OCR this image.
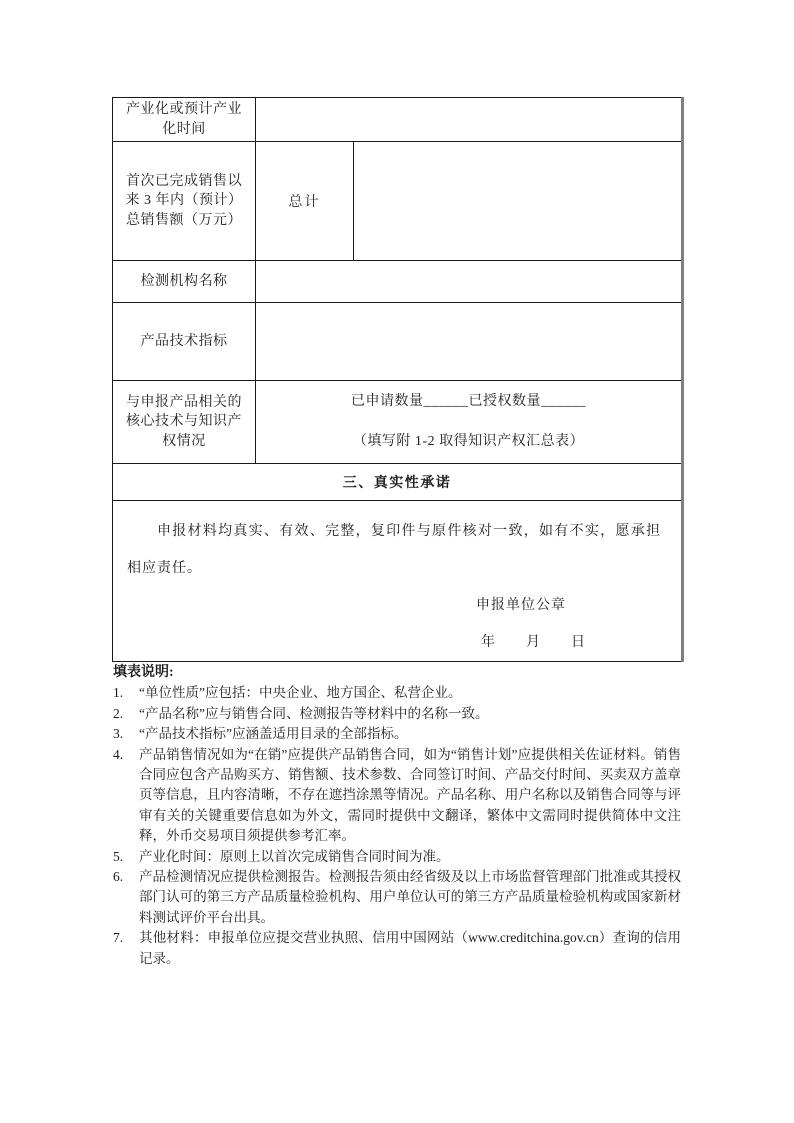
产业化或预计产业化时间		
首次已完成销售以来 3 年内（预计）总销售额（万元）	总计	
检测机构名称		
产品技术指标		
与申报产品相关的核心技术与知识产权情况	已申请数量______已授权数量______
（填写附 1-2 取得知识产权汇总表）	

三、真实性承诺		

申报材料均真实、有效、完整，复印件与原件核对一致，如有不实，愿承担相应责任。
申报单位公章
年　　月　　日		
填表说明:
1.	“单位性质”应包括：中央企业、地方国企、私营企业。
2.	“产品名称”应与销售合同、检测报告等材料中的名称一致。
3.	“产品技术指标”应涵盖适用目录的全部指标。
4.	产品销售情况如为“在销”应提供产品销售合同，如为“销售计划”应提供相关佐证材料。销售合同应包含产品购买方、销售额、技术参数、合同签订时间、产品交付时间、买卖双方盖章页等信息，且内容清晰，不存在遮挡涂黑等情况。产品名称、用户名称以及销售合同等与评审有关的关键重要信息如为外文，需同时提供中文翻译，繁体中文需同时提供简体中文注释，外币交易项目须提供参考汇率。
5.	产业化时间：原则上以首次完成销售合同时间为准。
6.	产品检测情况应提供检测报告。检测报告须由经省级及以上市场监督管理部门批准或其授权部门认可的第三方产品质量检验机构、用户单位认可的第三方产品质量检验机构或国家新材料测试评价平台出具。
7.	其他材料：申报单位应提交营业执照、信用中国网站（www.creditchina.gov.cn）查询的信用记录。
